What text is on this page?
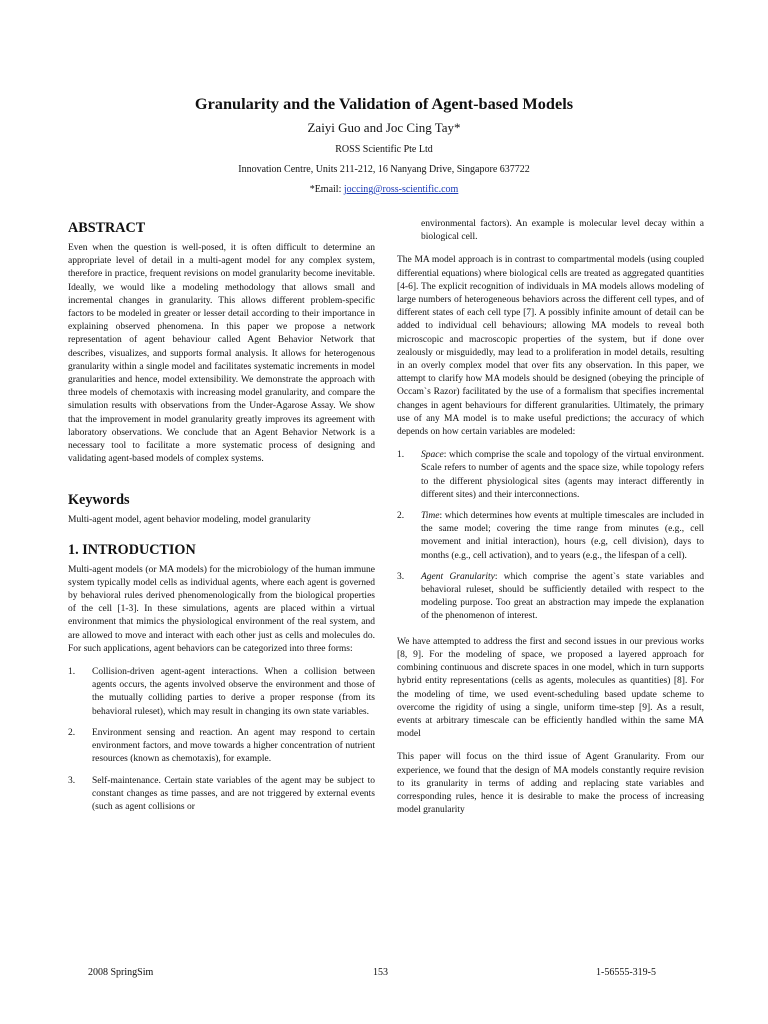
Granularity and the Validation of Agent-based Models
Zaiyi Guo and Joc Cing Tay*
ROSS Scientific Pte Ltd
Innovation Centre, Units 211-212, 16 Nanyang Drive, Singapore 637722
*Email: joccing@ross-scientific.com
ABSTRACT

Even when the question is well-posed, it is often difficult to determine an appropriate level of detail in a multi-agent model for any complex system, therefore in practice, frequent revisions on model granularity become inevitable. Ideally, we would like a modeling methodology that allows small and incremental changes in granularity. This allows different problem-specific factors to be modeled in greater or lesser detail according to their importance in explaining observed phenomena. In this paper we propose a network representation of agent behaviour called Agent Behavior Network that describes, visualizes, and supports formal analysis. It allows for heterogenous granularity within a single model and facilitates systematic increments in model granularities and hence, model extensibility. We demonstrate the approach with three models of chemotaxis with increasing model granularity, and compare the simulation results with observations from the Under-Agarose Assay. We show that the improvement in model granularity greatly improves its agreement with laboratory observations. We conclude that an Agent Behavior Network is a necessary tool to facilitate a more systematic process of designing and validating agent-based models of complex systems.

Keywords

Multi-agent model, agent behavior modeling, model granularity

1. INTRODUCTION

Multi-agent models (or MA models) for the microbiology of the human immune system typically model cells as individual agents, where each agent is governed by behavioral rules derived phenomenologically from the biological properties of the cell [1-3]. In these simulations, agents are placed within a virtual environment that mimics the physiological environment of the real system, and are allowed to move and interact with each other just as cells and molecules do. For such applications, agent behaviors can be categorized into three forms:

1. Collision-driven agent-agent interactions. When a collision between agents occurs, the agents involved observe the environment and those of the mutually colliding parties to derive a proper response (from its behavioral ruleset), which may result in changing its own state variables.
2. Environment sensing and reaction. An agent may respond to certain environment factors, and move towards a higher concentration of nutrient resources (known as chemotaxis), for example.
3. Self-maintenance. Certain state variables of the agent may be subject to constant changes as time passes, and are not triggered by external events (such as agent collisions or

environmental factors). An example is molecular level decay within a biological cell.

The MA model approach is in contrast to compartmental models (using coupled differential equations) where biological cells are treated as aggregated quantities [4-6]. The explicit recognition of individuals in MA models allows modeling of large numbers of heterogeneous behaviors across the different cell types, and of different states of each cell type [7]. A possibly infinite amount of detail can be added to individual cell behaviours; allowing MA models to reveal both microscopic and macroscopic properties of the system, but if done over zealously or misguidedly, may lead to a proliferation in model details, resulting in an overly complex model that over fits any observation. In this paper, we attempt to clarify how MA models should be designed (obeying the principle of Occam`s Razor) facilitated by the use of a formalism that specifies incremental changes in agent behaviours for different granularities. Ultimately, the primary use of any MA model is to make useful predictions; the accuracy of which depends on how certain variables are modeled:

1. Space: which comprise the scale and topology of the virtual environment. Scale refers to number of agents and the space size, while topology refers to the different physiological sites (agents may interact differently in different sites) and their interconnections.
2. Time: which determines how events at multiple timescales are included in the same model; covering the time range from minutes (e.g., cell movement and initial interaction), hours (e.g, cell division), days to months (e.g., cell activation), and to years (e.g., the lifespan of a cell).
3. Agent Granularity: which comprise the agent`s state variables and behavioral ruleset, should be sufficiently detailed with respect to the modeling purpose. Too great an abstraction may impede the explanation of the phenomenon of interest.

We have attempted to address the first and second issues in our previous works [8, 9]. For the modeling of space, we proposed a layered approach for combining continuous and discrete spaces in one model, which in turn supports hybrid entity representations (cells as agents, molecules as quantities) [8]. For the modeling of time, we used event-scheduling based update scheme to overcome the rigidity of using a single, uniform time-step [9]. As a result, events at arbitrary timescale can be efficiently handled within the same MA model

This paper will focus on the third issue of Agent Granularity. From our experience, we found that the design of MA models constantly require revision to its granularity in terms of adding and replacing state variables and corresponding rules, hence it is desirable to make the process of increasing model granularity

2008 SpringSim	153	1-56555-319-5
